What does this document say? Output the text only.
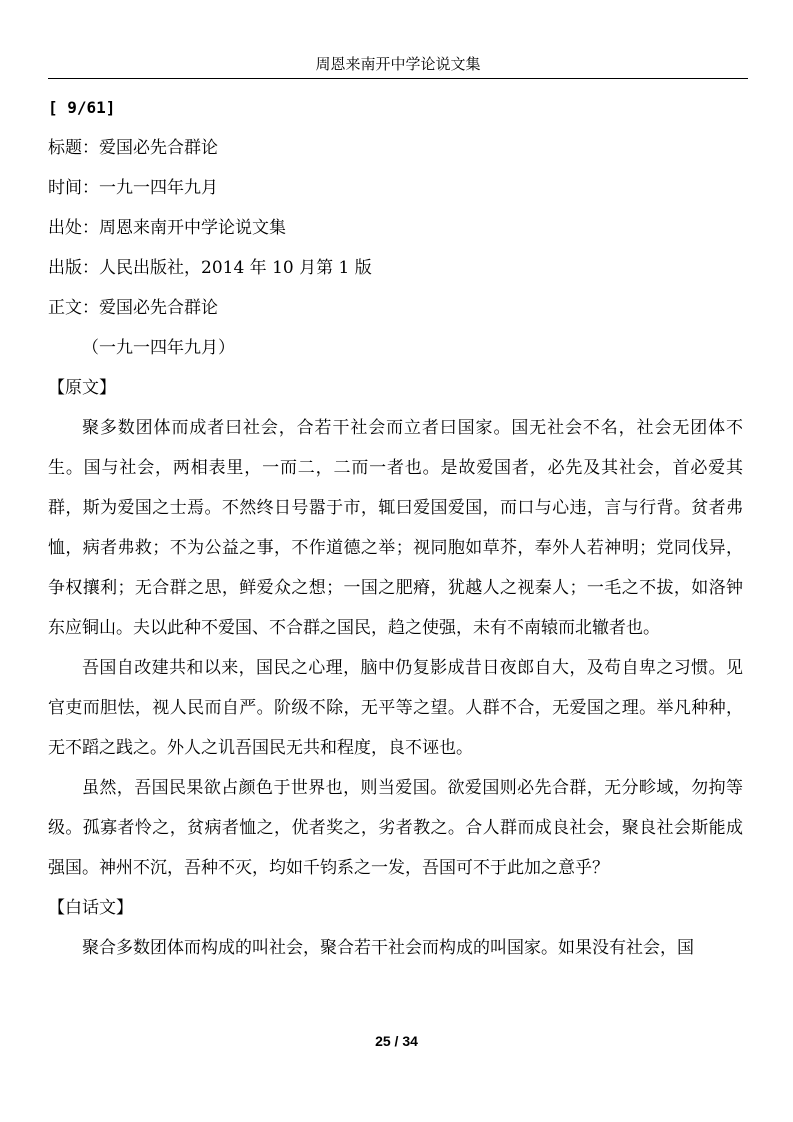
周恩来南开中学论说文集
[ 9/61]
标题：爱国必先合群论
时间：一九一四年九月
出处：周恩来南开中学论说文集
出版：人民出版社，2014 年 10 月第 1 版
正文：爱国必先合群论
（一九一四年九月）
【原文】

聚多数团体而成者曰社会，合若干社会而立者曰国家。国无社会不名，社会无团体不生。国与社会，两相表里，一而二，二而一者也。是故爱国者，必先及其社会，首必爱其群，斯为爱国之士焉。不然终日号嚣于市，辄曰爱国爱国，而口与心违，言与行背。贫者弗恤，病者弗救；不为公益之事，不作道德之举；视同胞如草芥，奉外人若神明；党同伐异，争权攘利；无合群之思，鲜爱众之想；一国之肥瘠，犹越人之视秦人；一毛之不拔，如洛钟东应铜山。夫以此种不爱国、不合群之国民，趋之使强，未有不南辕而北辙者也。

吾国自改建共和以来，国民之心理，脑中仍复影成昔日夜郎自大，及苟自卑之习惯。见官吏而胆怯，视人民而自严。阶级不除，无平等之望。人群不合，无爱国之理。举凡种种，无不蹈之践之。外人之讥吾国民无共和程度，良不诬也。

虽然，吾国民果欲占颜色于世界也，则当爱国。欲爱国则必先合群，无分畛域，勿拘等级。孤寡者怜之，贫病者恤之，优者奖之，劣者教之。合人群而成良社会，聚良社会斯能成强国。神州不沉，吾种不灭，均如千钧系之一发，吾国可不于此加之意乎？

【白话文】
聚合多数团体而构成的叫社会，聚合若干社会而构成的叫国家。如果没有社会，国
25 / 34
